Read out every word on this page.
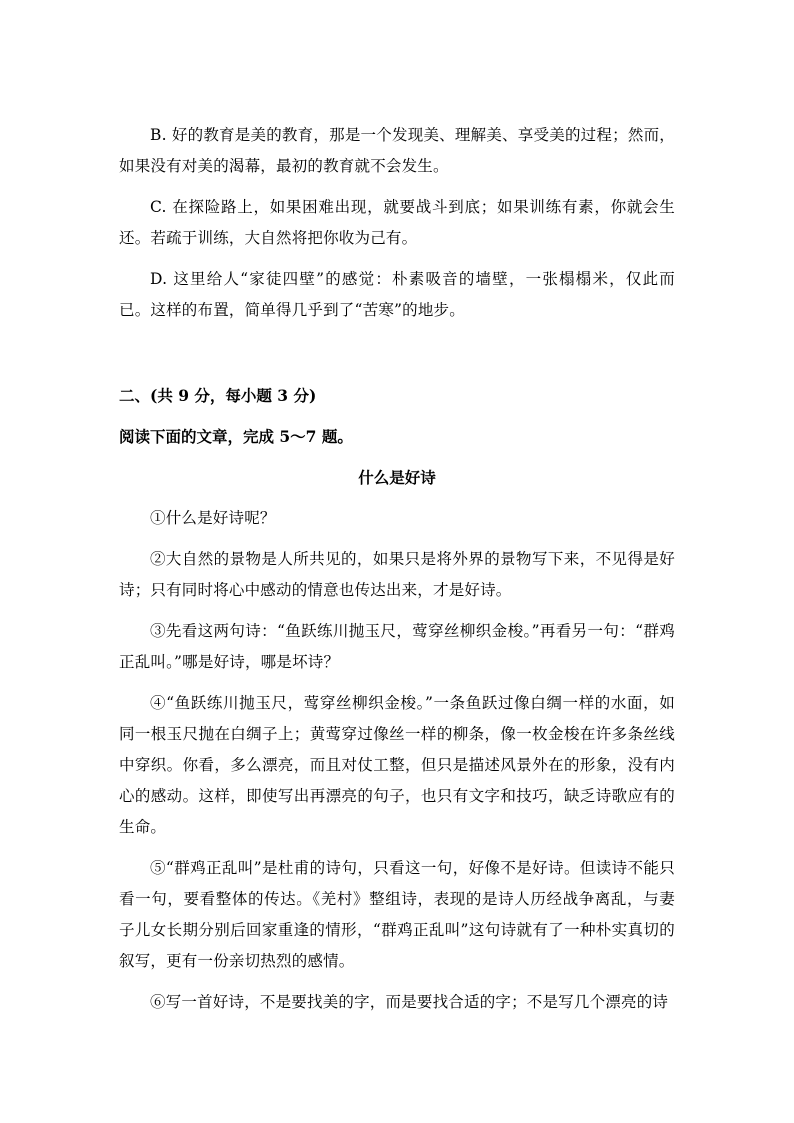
B. 好的教育是美的教育，那是一个发现美、理解美、享受美的过程；然而，如果没有对美的渴幕，最初的教育就不会发生。

C. 在探险路上，如果困难出现，就要战斗到底；如果训练有素，你就会生还。若疏于训练，大自然将把你收为己有。

D. 这里给人“家徒四壁”的感觉：朴素吸音的墙壁，一张榻榻米，仅此而已。这样的布置，简单得几乎到了“苦寒”的地步。

二、(共 9 分，每小题 3 分)

阅读下面的文章，完成 5～7 题。

什么是好诗

①什么是好诗呢？

②大自然的景物是人所共见的，如果只是将外界的景物写下来，不见得是好诗；只有同时将心中感动的情意也传达出来，才是好诗。

③先看这两句诗：“鱼跃练川抛玉尺，莺穿丝柳织金梭。”再看另一句：“群鸡正乱叫。”哪是好诗，哪是坏诗？

④“鱼跃练川抛玉尺，莺穿丝柳织金梭。”一条鱼跃过像白绸一样的水面，如同一根玉尺抛在白绸子上；黄莺穿过像丝一样的柳条，像一枚金梭在许多条丝线中穿织。你看，多么漂亮，而且对仗工整，但只是描述风景外在的形象，没有内心的感动。这样，即使写出再漂亮的句子，也只有文字和技巧，缺乏诗歌应有的生命。

⑤“群鸡正乱叫”是杜甫的诗句，只看这一句，好像不是好诗。但读诗不能只看一句，要看整体的传达。《羌村》整组诗，表现的是诗人历经战争离乱，与妻子儿女长期分别后回家重逢的情形，“群鸡正乱叫”这句诗就有了一种朴实真切的叙写，更有一份亲切热烈的感情。

⑥写一首好诗，不是要找美的字，而是要找合适的字；不是写几个漂亮的诗
